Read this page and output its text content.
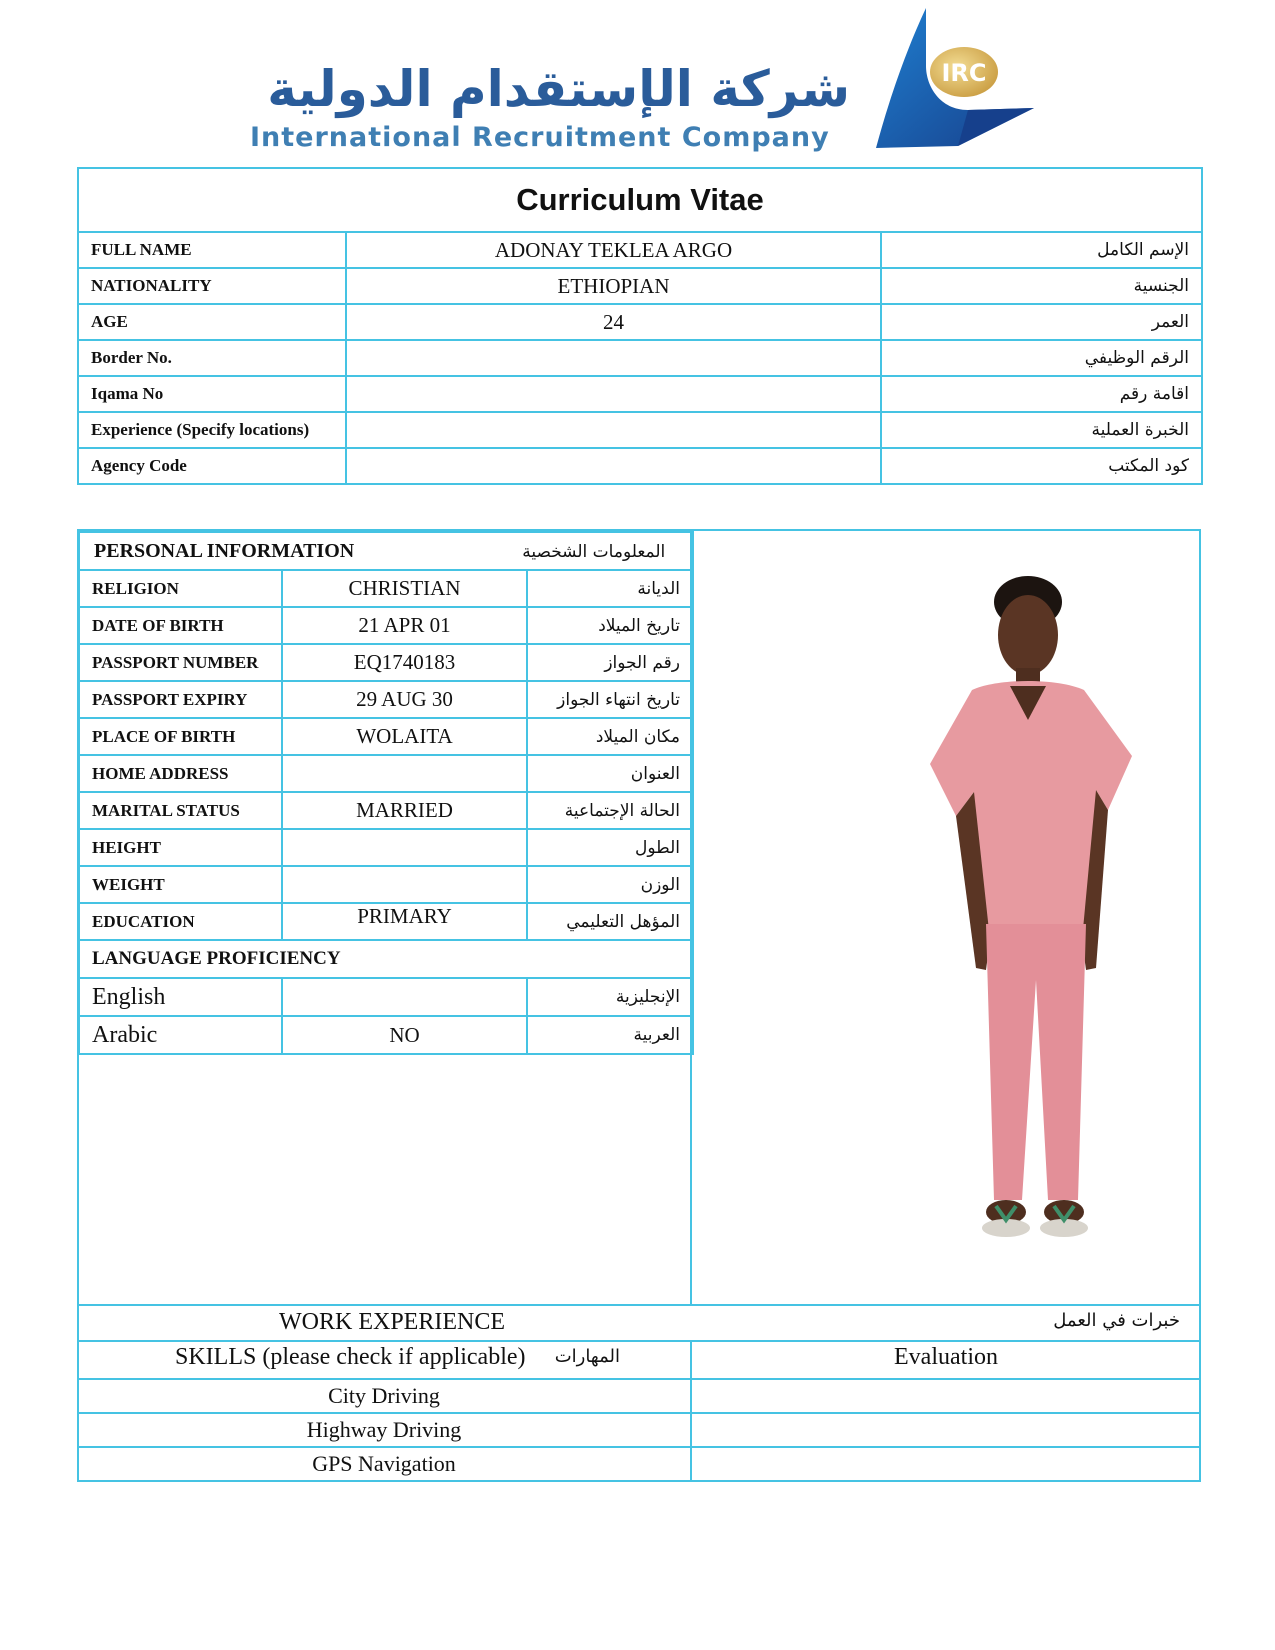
شركة الإستقدام الدولية
International Recruitment Company
IRC
Curriculum Vitae		
FULL NAME	ADONAY TEKLEA ARGO	الإسم الكامل
NATIONALITY	ETHIOPIAN	الجنسية
AGE	24	العمر
Border No.		الرقم الوظيفي
Iqama No		اقامة رقم
Experience (Specify locations)		الخبرة العملية
Agency Code		كود المكتب
PERSONAL INFORMATION المعلومات الشخصية		
RELIGION	CHRISTIAN	الديانة
DATE OF BIRTH	21 APR 01	تاريخ الميلاد
PASSPORT NUMBER	EQ1740183	رقم الجواز
PASSPORT EXPIRY	29 AUG 30	تاريخ انتهاء الجواز
PLACE OF BIRTH	WOLAITA	مكان الميلاد
HOME ADDRESS		العنوان
MARITAL STATUS	MARRIED	الحالة الإجتماعية
HEIGHT		الطول
WEIGHT		الوزن
EDUCATION	PRIMARY	المؤهل التعليمي
LANGUAGE PROFICIENCY		
English		الإنجليزية
Arabic	NO	العربية
WORK EXPERIENCE	خبرات في العمل
SKILLS (please check if applicable)	المهارات	Evaluation
City Driving
Highway Driving
GPS Navigation
